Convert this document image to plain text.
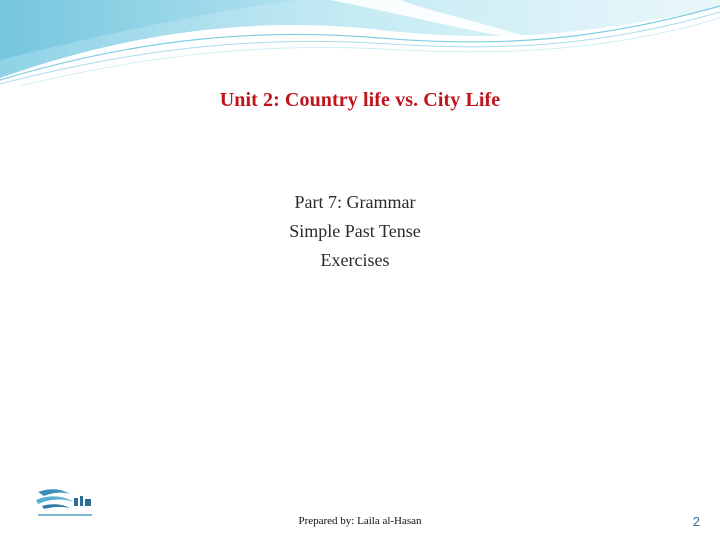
Unit 2: Country life vs. City Life
Part 7: Grammar
Simple Past Tense
Exercises
Prepared by: Laila al-Hasan	2
